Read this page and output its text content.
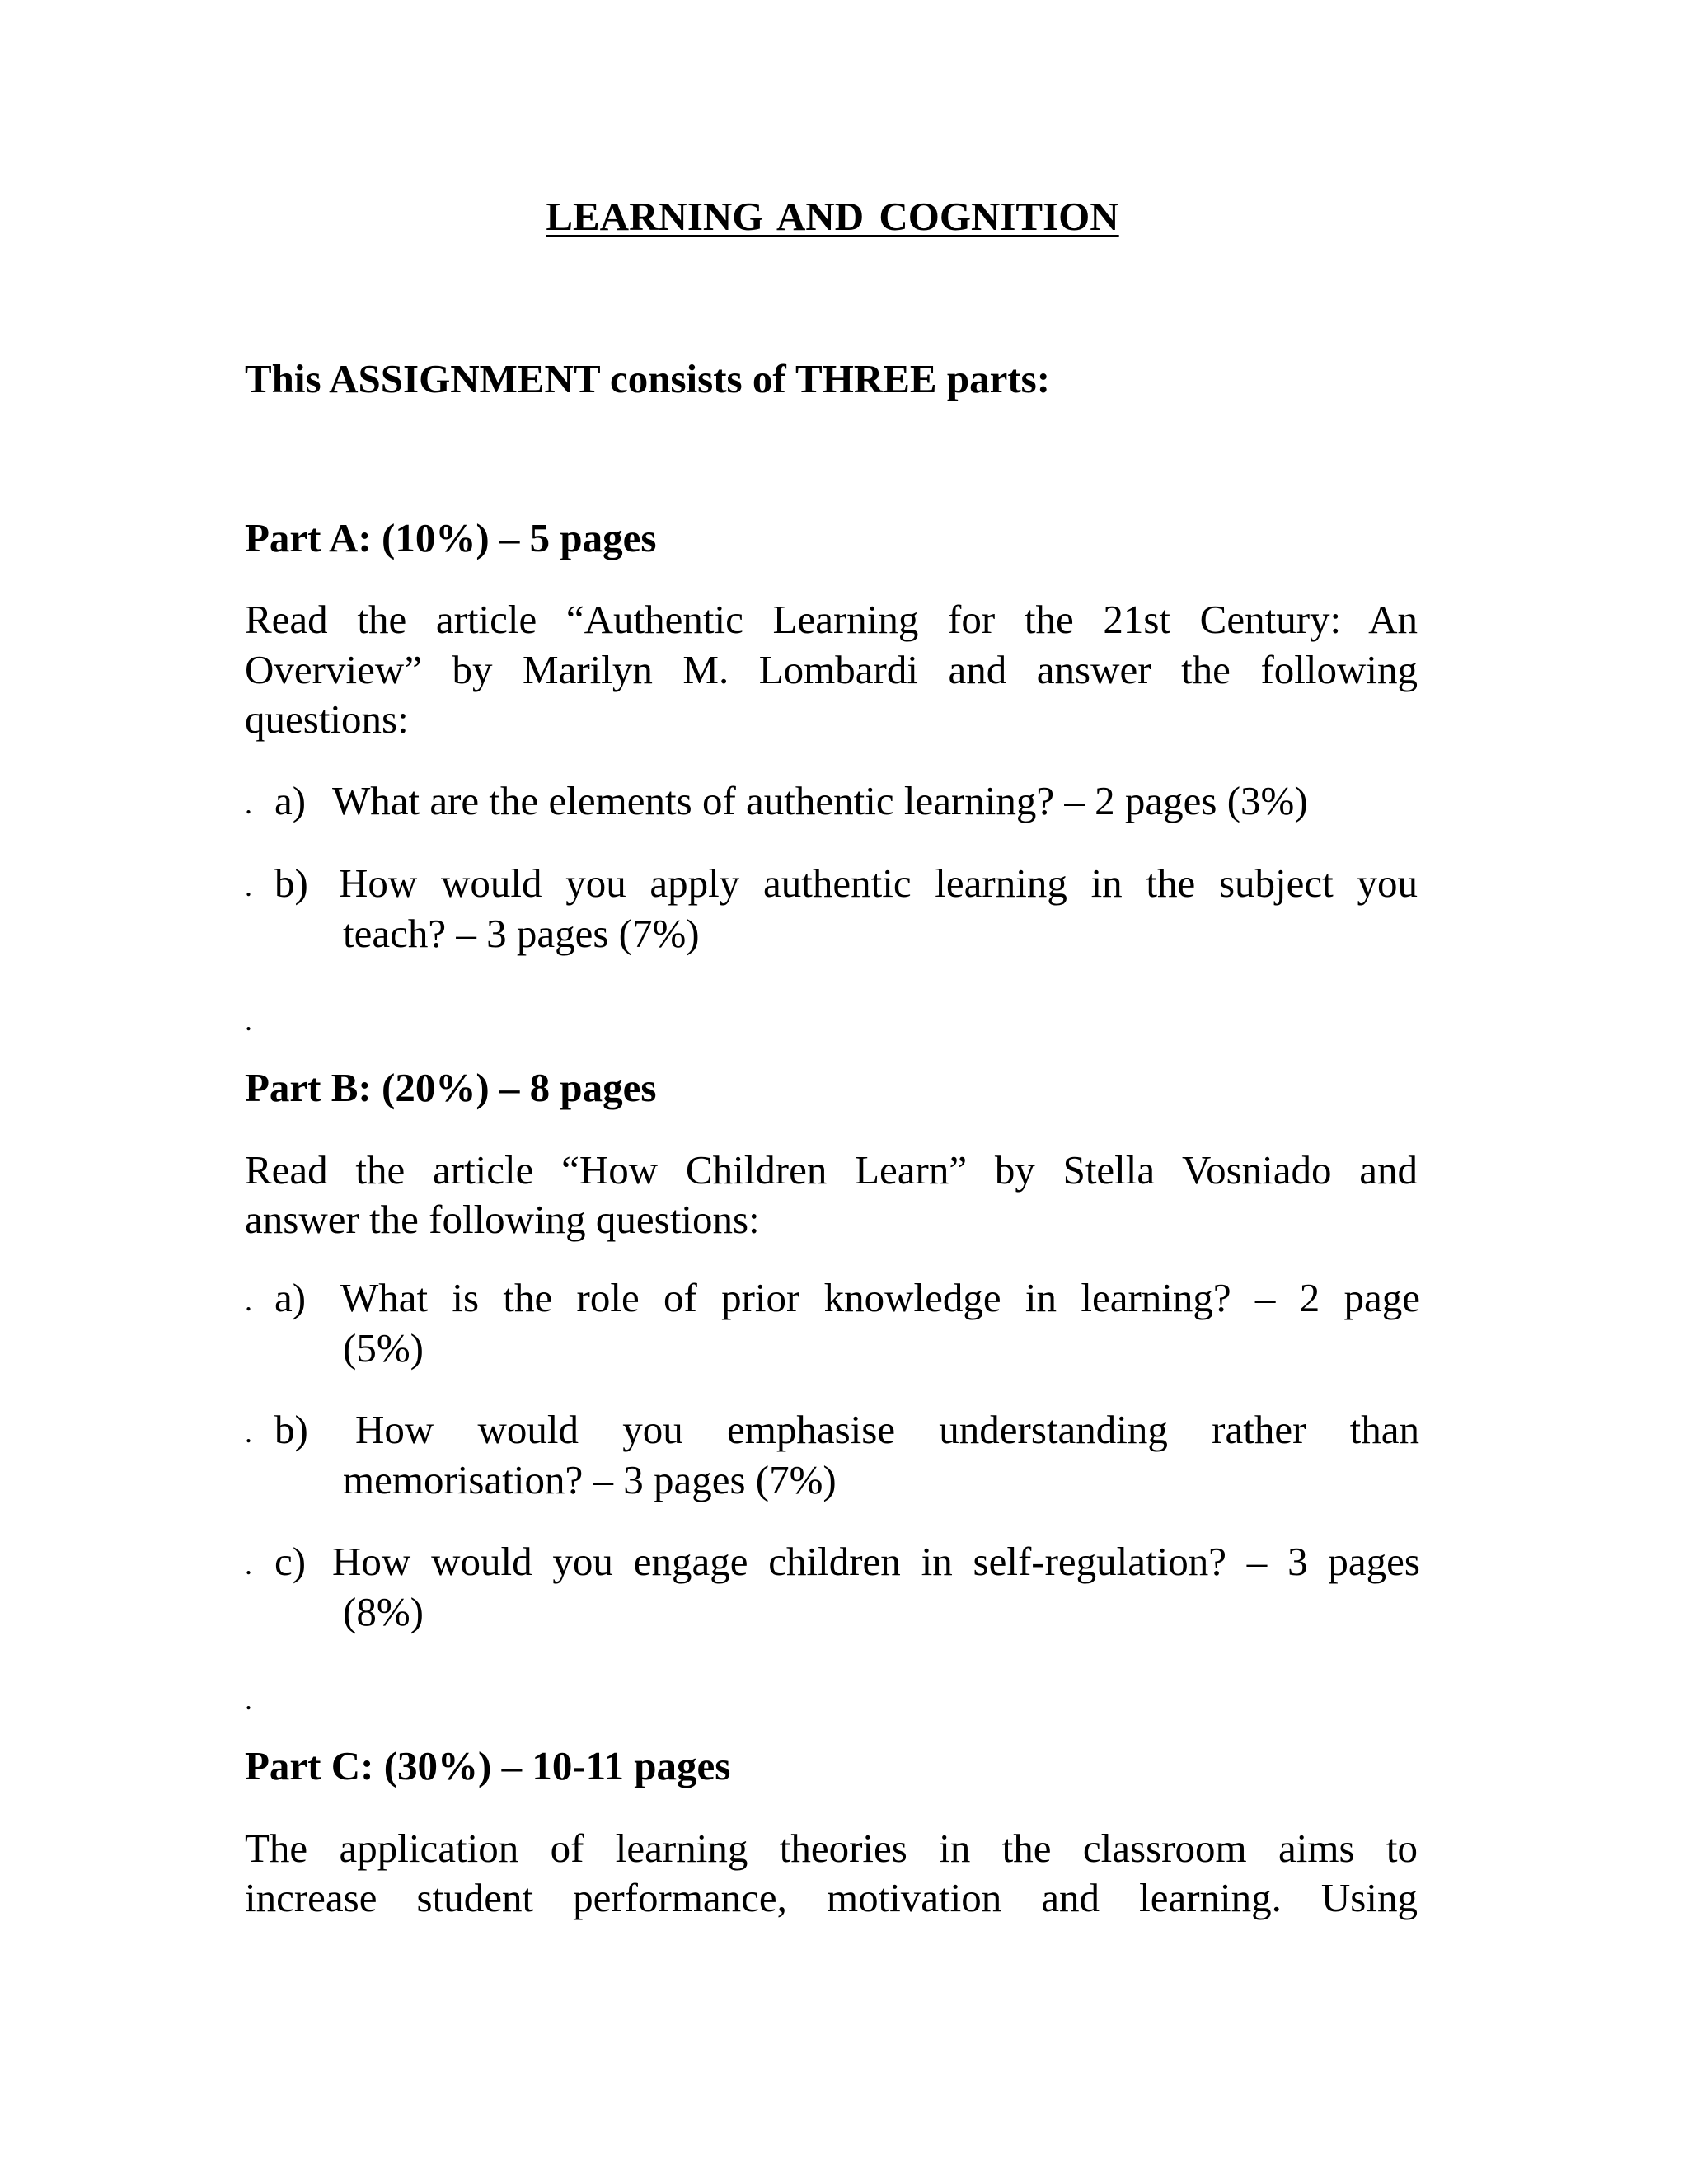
LEARNING AND COGNITION
This ASSIGNMENT consists of THREE parts:
Part A: (10%) – 5 pages
Read the article “Authentic Learning for the 21st Century: An
Overview” by Marilyn M. Lombardi and answer the following
questions:
. a) What are the elements of authentic learning? – 2 pages (3%)
. b) How would you apply authentic learning in the subject you
teach? – 3 pages (7%)
.
Part B: (20%) – 8 pages
Read the article “How Children Learn” by Stella Vosniado and
answer the following questions:
. a) What is the role of prior knowledge in learning? – 2 page
(5%)
. b) How would you emphasise understanding rather than
memorisation? – 3 pages (7%)
. c) How would you engage children in self-regulation? – 3 pages
(8%)
.
Part C: (30%) – 10-11 pages
The application of learning theories in the classroom aims to
increase student performance, motivation and learning. Using
